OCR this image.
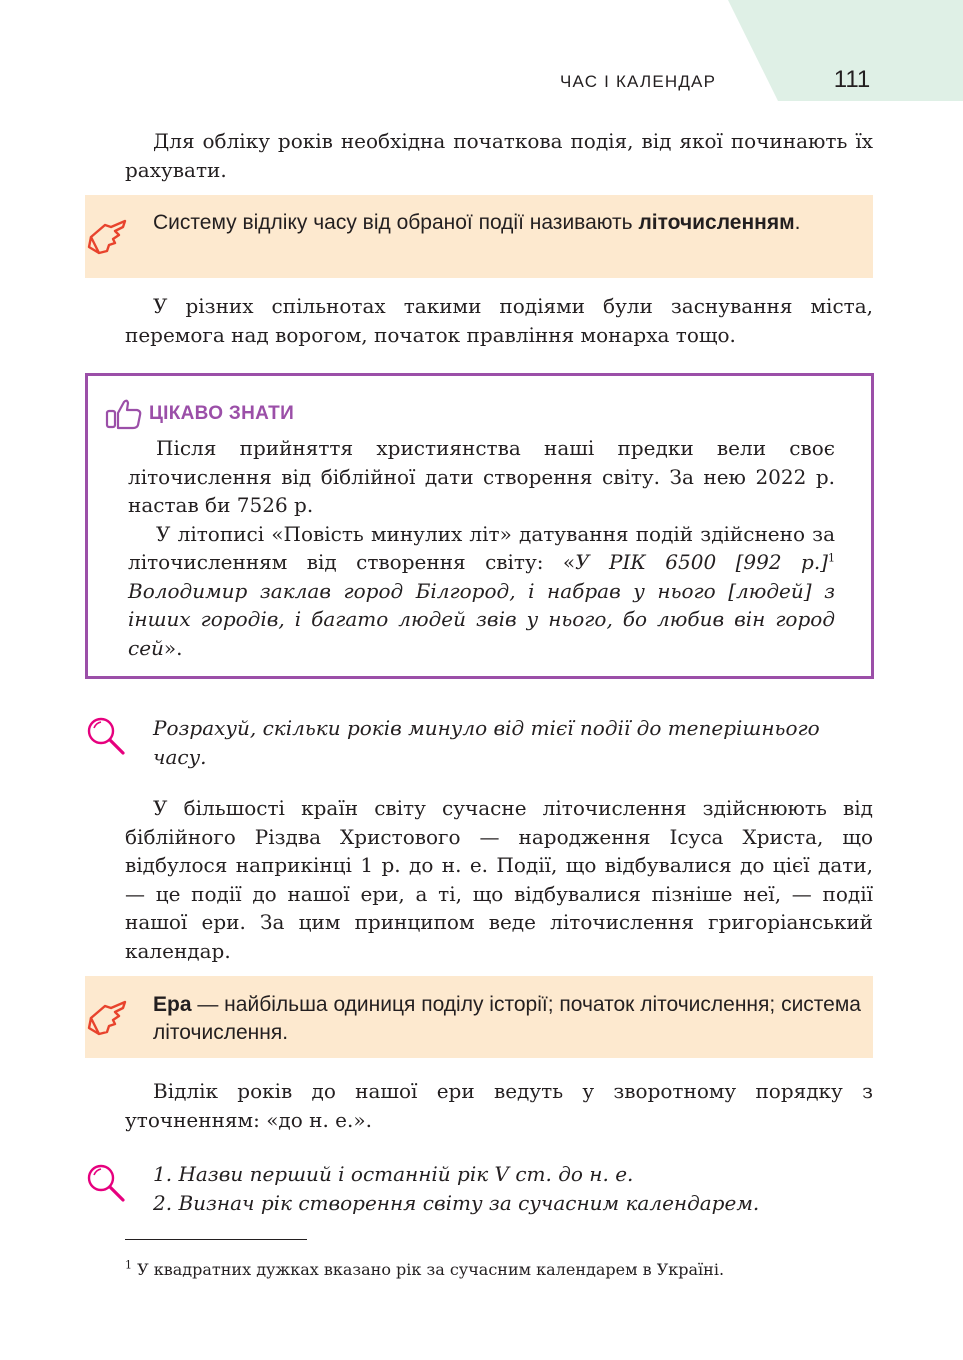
ЧАС І КАЛЕНДАР	111
Для обліку років необхідна початкова подія, від якої починають їх рахувати.
Систему відліку часу від обраної події називають літочисленням.
У різних спільнотах такими подіями були заснування міста, перемога над ворогом, початок правління монарха тощо.
ЦІКАВО ЗНАТИ

Після прийняття християнства наші предки вели своє літочислення від біблійної дати створення світу. За нею 2022 р. настав би 7526 р.

У літописі «Повість минулих літ» датування подій здійснено за літочисленням від створення світу: «У РІК 6500 [992 р.]$^1$ Володимир заклав город Білгород, і набрав у нього [людей] з інших городів, і багато людей звів у нього, бо любив він город сей».

Розрахуй, скільки років минуло від тієї події до теперішнього часу.
У більшості країн світу сучасне літочислення здійснюють від біблійного Різдва Христового — народження Ісуса Христа, що відбулося наприкінці 1 р. до н. е. Події, що відбувалися до цієї дати, — це події до нашої ери, а ті, що відбувалися пізніше неї, — події нашої ери. За цим принципом веде літочислення григоріанський календар.
Ера — найбільша одиниця поділу історії; початок літочислення; система літочислення.
Відлік років до нашої ери ведуть у зворотному порядку з уточненням: «до н. е.».
1. Назви перший і останній рік V ст. до н. е.
2. Визнач рік створення світу за сучасним календарем.
$^1$ У квадратних дужках вказано рік за сучасним календарем в Україні.
